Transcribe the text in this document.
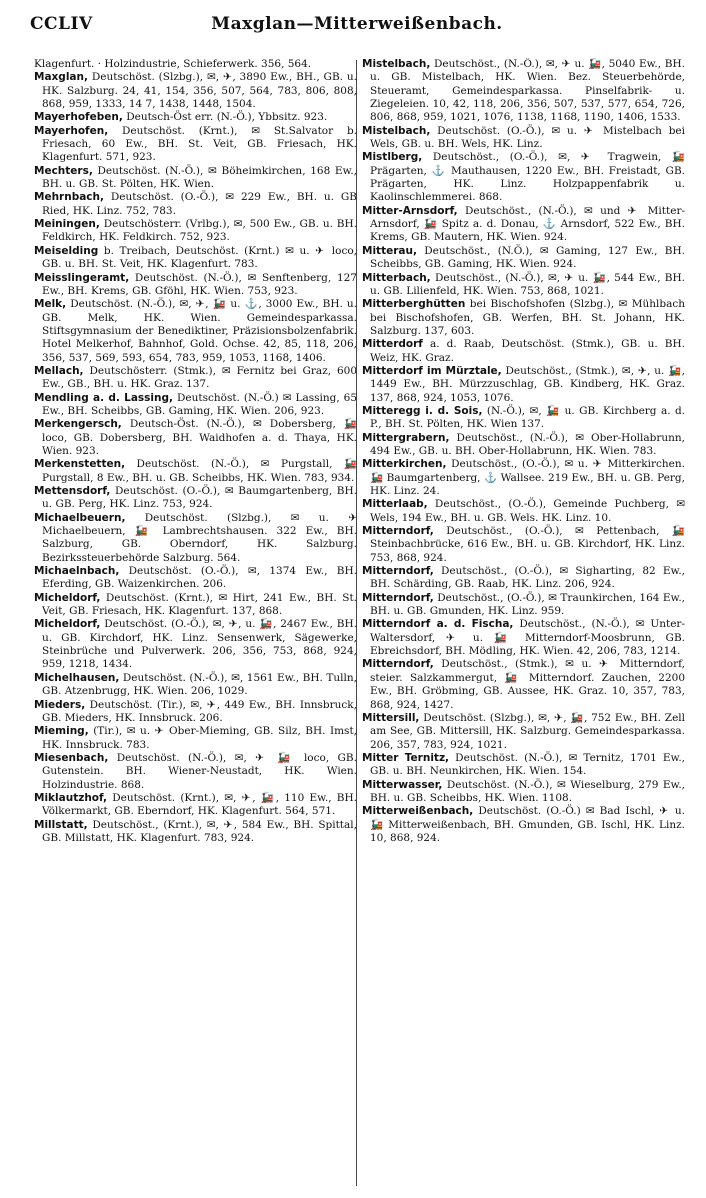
CCLIV	Maxglan—Mitterweißenbach.

Klagenfurt. · Holzindustrie, Schieferwerk. 356, 564.

Maxglan, Deutschöst. (Slzbg.), ✉, ✈, 3890 Ew., BH., GB. u. HK. Salzburg. 24, 41, 154, 356, 507, 564, 783, 806, 808, 868, 959, 1333, 14 7, 1438, 1448, 1504.

Mayerhofeben, Deutsch-Öst err. (N.-Ö.), Ybbsitz. 923.

Mayerhofen, Deutschöst. (Krnt.), ✉ St.Salvator b. Friesach, 60 Ew., BH. St. Veit, GB. Friesach, HK. Klagenfurt. 571, 923.

Mechters, Deutschöst. (N.-Ö.), ✉ Böheimkirchen, 168 Ew., BH. u. GB. St. Pölten, HK. Wien.

Mehrnbach, Deutschöst. (O.-Ö.), ✉ 229 Ew., BH. u. GB Ried, HK. Linz. 752, 783.

Meiningen, Deutschösterr. (Vrlbg.), ✉, 500 Ew., GB. u. BH. Feldkirch, HK. Feldkirch. 752, 923.

Meiselding b. Treibach, Deutschöst. (Krnt.) ✉ u. ✈ loco, GB. u. BH. St. Veit, HK. Klagenfurt. 783.

Meisslingeramt, Deutschöst. (N.-Ö.), ✉ Senftenberg, 127 Ew., BH. Krems, GB. Gföhl, HK. Wien. 753, 923.

Melk, Deutschöst. (N.-Ö.), ✉, ✈, 🚂 u. ⚓, 3000 Ew., BH. u. GB. Melk, HK. Wien. Gemeindesparkassa. Stiftsgymnasium der Benediktiner, Präzisionsbolzenfabrik. Hotel Melkerhof, Bahnhof, Gold. Ochse. 42, 85, 118, 206, 356, 537, 569, 593, 654, 783, 959, 1053, 1168, 1406.

Mellach, Deutschösterr. (Stmk.), ✉ Fernitz bei Graz, 600 Ew., GB., BH. u. HK. Graz. 137.

Mendling a. d. Lassing, Deutschöst. (N.-Ö.) ✉ Lassing, 65 Ew., BH. Scheibbs, GB. Gaming, HK. Wien. 206, 923.

Merkengersch, Deutsch-Öst. (N.-Ö.), ✉ Dobersberg, 🚂 loco, GB. Dobersberg, BH. Waidhofen a. d. Thaya, HK. Wien. 923.

Merkenstetten, Deutschöst. (N.-Ö.), ✉ Purgstall, 🚂 Purgstall, 8 Ew., BH. u. GB. Scheibbs, HK. Wien. 783, 934.

Mettensdorf, Deutschöst. (O.-Ö.), ✉ Baumgartenberg, BH. u. GB. Perg, HK. Linz. 753, 924.

Michaelbeuern, Deutschöst. (Slzbg.), ✉ u. ✈ Michaelbeuern, 🚂 Lambrechtshausen. 322 Ew., BH. Salzburg, GB. Oberndorf, HK. Salzburg. Bezirkssteuerbehörde Salzburg. 564.

Michaelnbach, Deutschöst. (O.-Ö.), ✉, 1374 Ew., BH. Eferding, GB. Waizenkirchen. 206.

Micheldorf, Deutschöst. (Krnt.), ✉ Hirt, 241 Ew., BH. St. Veit, GB. Friesach, HK. Klagenfurt. 137, 868.

Micheldorf, Deutschöst. (O.-Ö.), ✉, ✈, u. 🚂, 2467 Ew., BH. u. GB. Kirchdorf, HK. Linz. Sensenwerk, Sägewerke, Steinbrüche und Pulverwerk. 206, 356, 753, 868, 924, 959, 1218, 1434.

Michelhausen, Deutschöst. (N.-Ö.), ✉, 1561 Ew., BH. Tulln, GB. Atzenbrugg, HK. Wien. 206, 1029.

Mieders, Deutschöst. (Tir.), ✉, ✈, 449 Ew., BH. Innsbruck, GB. Mieders, HK. Innsbruck. 206.

Mieming, (Tir.), ✉ u. ✈ Ober-Mieming, GB. Silz, BH. Imst, HK. Innsbruck. 783.

Miesenbach, Deutschöst. (N.-Ö.), ✉, ✈ 🚂 loco, GB. Gutenstein. BH. Wiener-Neustadt, HK. Wien. Holzindustrie. 868.

Miklautzhof, Deutschöst. (Krnt.), ✉, ✈, 🚂, 110 Ew., BH. Völkermarkt, GB. Eberndorf, HK. Klagenfurt. 564, 571.

Millstatt, Deutschöst., (Krnt.), ✉, ✈, 584 Ew., BH. Spittal, GB. Millstatt, HK. Klagenfurt. 783, 924.

Mistelbach, Deutschöst., (N.-Ö.), ✉, ✈ u. 🚂, 5040 Ew., BH. u. GB. Mistelbach, HK. Wien. Bez. Steuerbehörde, Steueramt, Gemeindesparkassa. Pinselfabrik- u. Ziegeleien. 10, 42, 118, 206, 356, 507, 537, 577, 654, 726, 806, 868, 959, 1021, 1076, 1138, 1168, 1190, 1406, 1533.

Mistelbach, Deutschöst. (O.-Ö.), ✉ u. ✈ Mistelbach bei Wels, GB. u. BH. Wels, HK. Linz.

Mistlberg, Deutschöst., (O.-Ö.), ✉, ✈ Tragwein, 🚂 Prägarten, ⚓ Mauthausen, 1220 Ew., BH. Freistadt, GB. Prägarten, HK. Linz. Holzpappenfabrik u. Kaolinschlemmerei. 868.

Mitter-Arnsdorf, Deutschöst., (N.-Ö.), ✉ und ✈ Mitter-Arnsdorf, 🚂 Spitz a. d. Donau, ⚓ Arnsdorf, 522 Ew., BH. Krems, GB. Mautern, HK. Wien. 924.

Mitterau, Deutschöst., (N.Ö.), ✉ Gaming, 127 Ew., BH. Scheibbs, GB. Gaming, HK. Wien. 924.

Mitterbach, Deutschöst., (N.-Ö.), ✉, ✈ u. 🚂, 544 Ew., BH. u. GB. Lilienfeld, HK. Wien. 753, 868, 1021.

Mitterberghütten bei Bischofshofen (Slzbg.), ✉ Mühlbach bei Bischofshofen, GB. Werfen, BH. St. Johann, HK. Salzburg. 137, 603.

Mitterdorf a. d. Raab, Deutschöst. (Stmk.), GB. u. BH. Weiz, HK. Graz.

Mitterdorf im Mürztale, Deutschöst., (Stmk.), ✉, ✈, u. 🚂, 1449 Ew., BH. Mürzzuschlag, GB. Kindberg, HK. Graz. 137, 868, 924, 1053, 1076.

Mitteregg i. d. Sois, (N.-Ö.), ✉, 🚂 u. GB. Kirchberg a. d. P., BH. St. Pölten, HK. Wien 137.

Mittergrabern, Deutschöst., (N.-Ö.), ✉ Ober-Hollabrunn, 494 Ew., GB. u. BH. Ober-Hollabrunn, HK. Wien. 783.

Mitterkirchen, Deutschöst., (O.-Ö.), ✉ u. ✈ Mitterkirchen. 🚂 Baumgartenberg, ⚓ Wallsee. 219 Ew., BH. u. GB. Perg, HK. Linz. 24.

Mitterlaab, Deutschöst., (O.-Ö.), Gemeinde Puchberg, ✉ Wels, 194 Ew., BH. u. GB. Wels. HK. Linz. 10.

Mitterndorf, Deutschöst., (O.-Ö.), ✉ Pettenbach, 🚂 Steinbachbrücke, 616 Ew., BH. u. GB. Kirchdorf, HK. Linz. 753, 868, 924.

Mitterndorf, Deutschöst., (O.-Ö.), ✉ Sigharting, 82 Ew., BH. Schärding, GB. Raab, HK. Linz. 206, 924.

Mitterndorf, Deutschöst., (O.-Ö.), ✉ Traunkirchen, 164 Ew., BH. u. GB. Gmunden, HK. Linz. 959.

Mitterndorf a. d. Fischa, Deutschöst., (N.-Ö.), ✉ Unter-Waltersdorf, ✈ u. 🚂 Mitterndorf-Moosbrunn, GB. Ebreichsdorf, BH. Mödling, HK. Wien. 42, 206, 783, 1214.

Mitterndorf, Deutschöst., (Stmk.), ✉ u. ✈ Mitterndorf, steier. Salzkammergut, 🚂 Mitterndorf. Zauchen, 2200 Ew., BH. Gröbming, GB. Aussee, HK. Graz. 10, 357, 783, 868, 924, 1427.

Mittersill, Deutschöst. (Slzbg.), ✉, ✈, 🚂, 752 Ew., BH. Zell am See, GB. Mittersill, HK. Salzburg. Gemeindesparkassa. 206, 357, 783, 924, 1021.

Mitter Ternitz, Deutschöst. (N.-Ö.), ✉ Ternitz, 1701 Ew., GB. u. BH. Neunkirchen, HK. Wien. 154.

Mitterwasser, Deutschöst. (N.-Ö.), ✉ Wieselburg, 279 Ew., BH. u. GB. Scheibbs, HK. Wien. 1108.

Mitterweißenbach, Deutschöst. (O.-Ö.) ✉ Bad Ischl, ✈ u. 🚂 Mitterweißenbach, BH. Gmunden, GB. Ischl, HK. Linz. 10, 868, 924.
